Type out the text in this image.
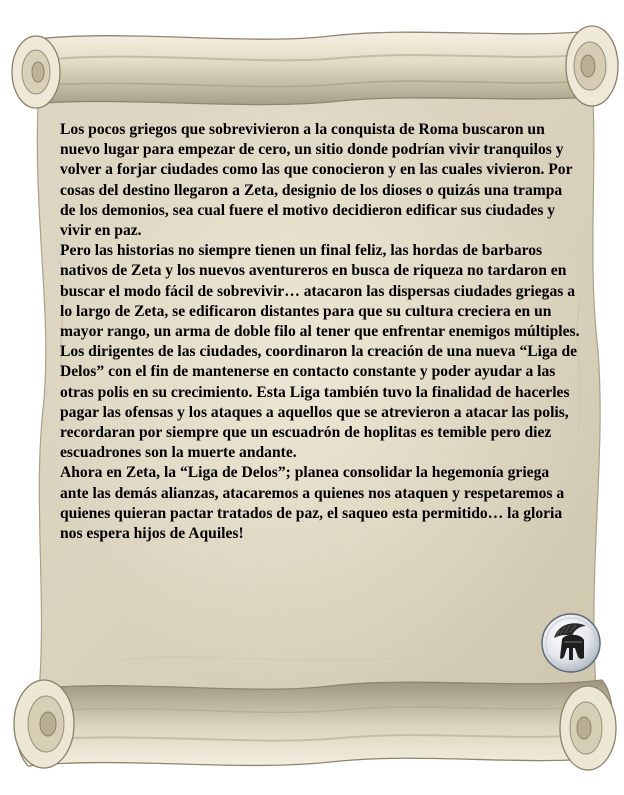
Los pocos griegos que sobrevivieron a la conquista de Roma buscaron un nuevo lugar para empezar de cero, un sitio donde podrían vivir tranquilos y volver a forjar ciudades como las que conocieron y en las cuales vivieron. Por cosas del destino llegaron a Zeta, designio de los dioses o quizás una trampa de los demonios, sea cual fuere el motivo decidieron edificar sus ciudades y vivir en paz.

Pero las historias no siempre tienen un final feliz, las hordas de barbaros nativos de Zeta y los nuevos aventureros en busca de riqueza no tardaron en buscar el modo fácil de sobrevivir… atacaron las dispersas ciudades griegas a lo largo de Zeta, se edificaron distantes para que su cultura creciera en un mayor rango, un arma de doble filo al tener que enfrentar enemigos múltiples.

Los dirigentes de las ciudades, coordinaron la creación de una nueva “Liga de Delos” con el fin de mantenerse en contacto constante y poder ayudar a las otras polis en su crecimiento. Esta Liga también tuvo la finalidad de hacerles pagar las ofensas y los ataques a aquellos que se atrevieron a atacar las polis, recordaran por siempre que un escuadrón de hoplitas es temible pero diez escuadrones son la muerte andante.

Ahora en Zeta, la “Liga de Delos”; planea consolidar la hegemonía griega ante las demás alianzas, atacaremos a quienes nos ataquen y respetaremos a quienes quieran pactar tratados de paz, el saqueo esta permitido… la gloria nos espera hijos de Aquiles!
